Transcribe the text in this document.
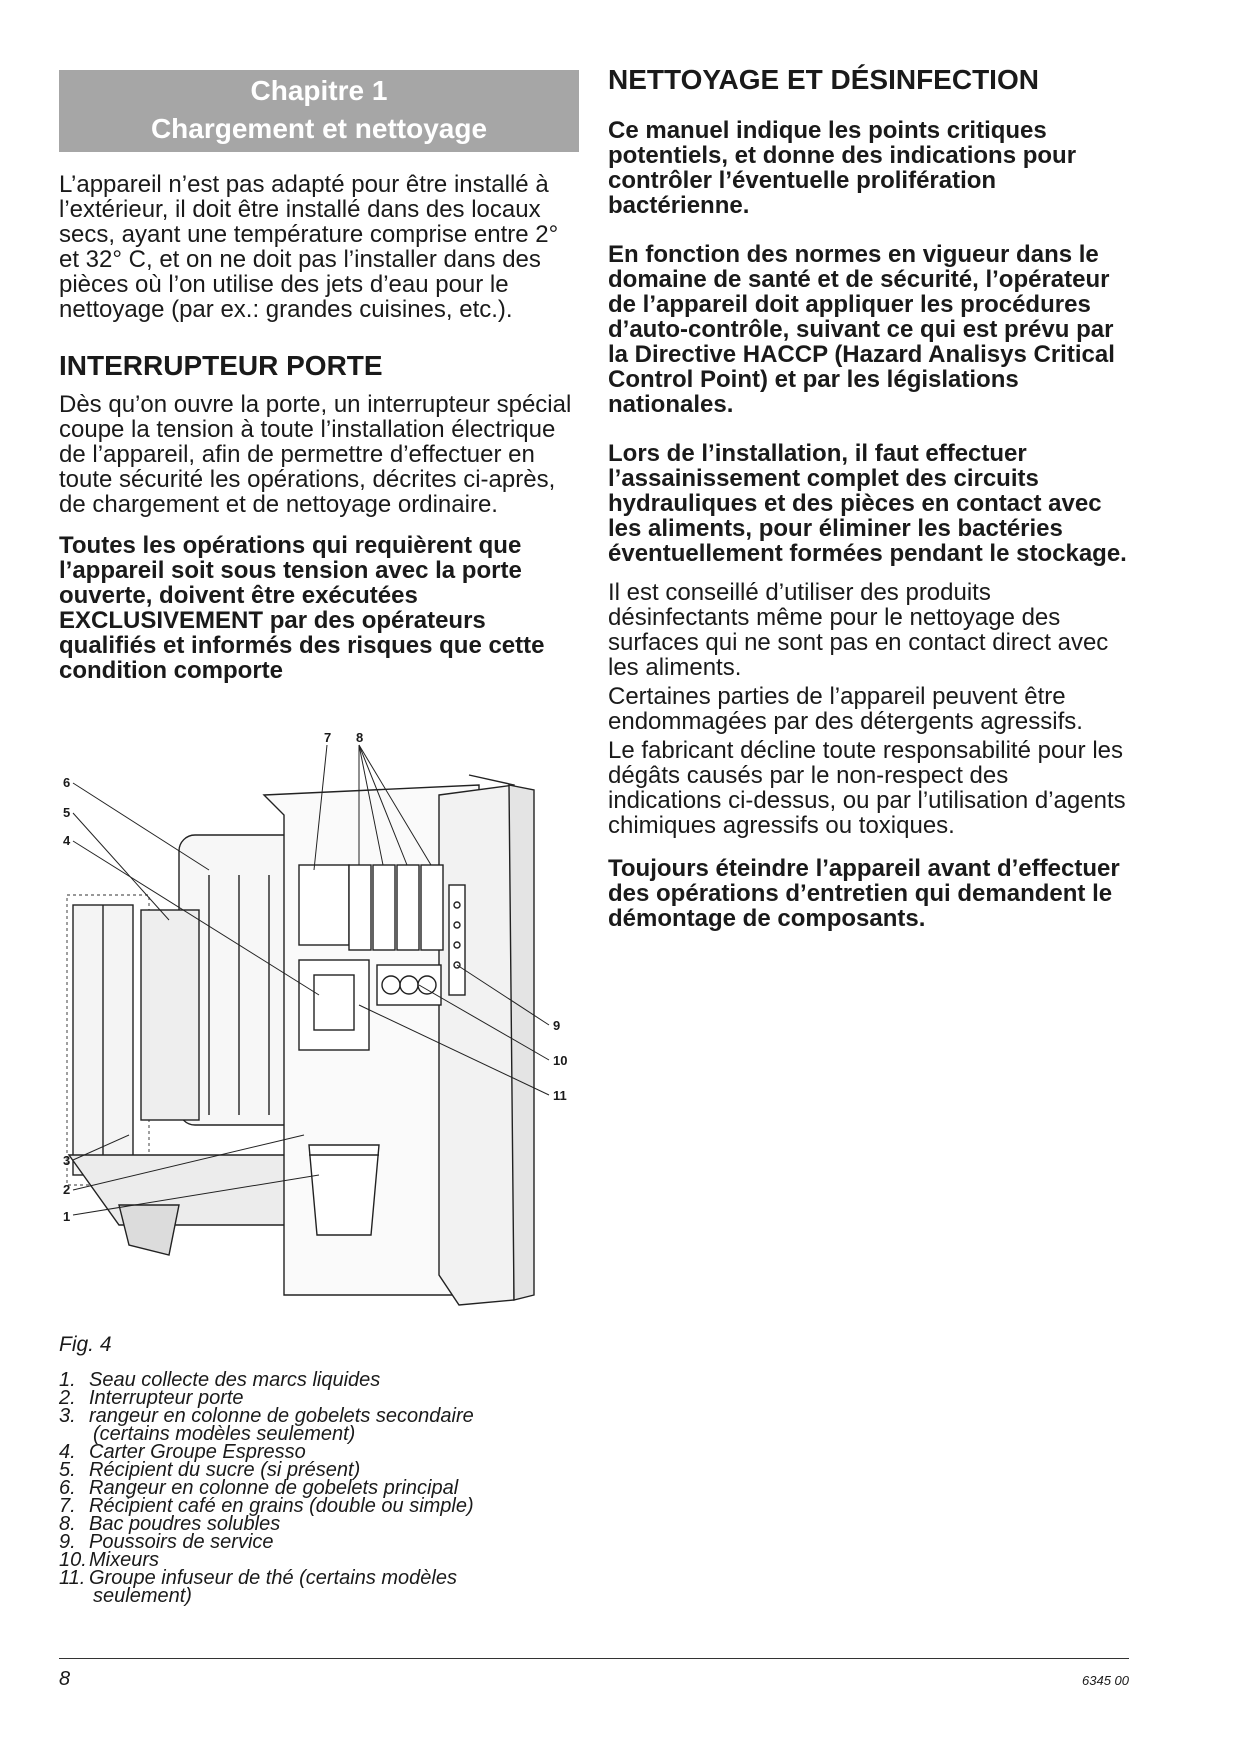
Chapitre 1
Chargement et nettoyage

L’appareil n’est pas adapté pour être installé à l’extérieur, il doit être installé dans des locaux secs, ayant une température comprise entre 2° et 32° C, et on ne doit pas l’installer dans des pièces où l’on utilise des jets d’eau pour le nettoyage (par ex.: grandes cuisines, etc.).

INTERRUPTEUR PORTE

Dès qu’on ouvre la porte, un interrupteur spécial coupe la tension à toute l’installation électrique de l’appareil, afin de permettre d’effectuer en toute sécurité les opérations, décrites ci-après, de chargement et de nettoyage ordinaire.

Toutes les opérations qui requièrent que l’appareil soit sous tension avec la porte ouverte, doivent être exécutées EXCLUSIVEMENT par des opérateurs qualifiés et informés des risques que cette condition comporte

7 8
6
5
4
3
2
1
9
10
11
Fig. 4
1. Seau collecte des marcs liquides
2. Interrupteur porte
3. rangeur en colonne de gobelets secondaire
(certains modèles seulement)
4. Carter Groupe Espresso
5. Récipient du sucre (si présent)
6. Rangeur en colonne de gobelets principal
7. Récipient café en grains (double ou simple)
8. Bac poudres solubles
9. Poussoirs de service
10. Mixeurs
11. Groupe infuseur de thé (certains modèles
seulement)
NETTOYAGE ET DÉSINFECTION

Ce manuel indique les points critiques potentiels, et donne des indications pour contrôler l’éventuelle prolifération bactérienne.

En fonction des normes en vigueur dans le domaine de santé et de sécurité, l’opérateur de l’appareil doit appliquer les procédures d’auto-contrôle, suivant ce qui est prévu par la Directive HACCP (Hazard Analisys Critical Control Point) et par les législations nationales.

Lors de l’installation, il faut effectuer l’assainissement complet des circuits hydrauliques et des pièces en contact avec les aliments, pour éliminer les bactéries éventuellement formées pendant le stockage.

Il est conseillé d’utiliser des produits désinfectants même pour le nettoyage des surfaces qui ne sont pas en contact direct avec les aliments.

Certaines parties de l’appareil peuvent être endommagées par des détergents agressifs.

Le fabricant décline toute responsabilité pour les dégâts causés par le non-respect des indications ci-dessus, ou par l’utilisation d’agents chimiques agressifs ou toxiques.

Toujours éteindre l’appareil avant d’effectuer des opérations d’entretien qui demandent le démontage de composants.

8	6345 00
